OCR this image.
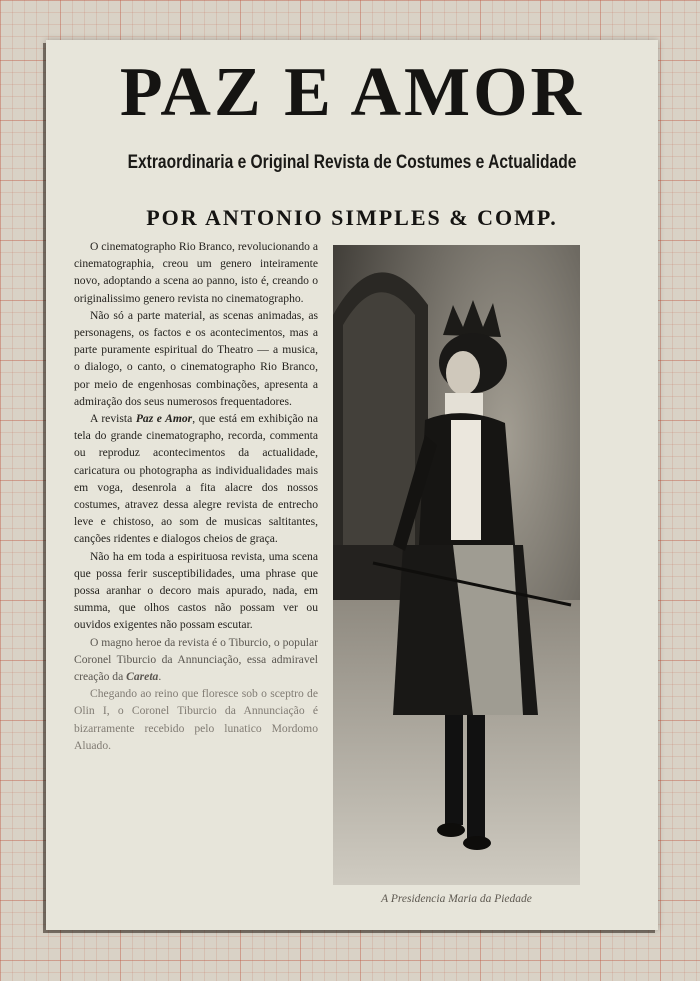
PAZ E AMOR
Extraordinaria e Original Revista de Costumes e Actualidade
POR ANTONIO SIMPLES & COMP.

O cinematographo Rio Branco, revolucionando a cinematographia, creou um genero inteiramente novo, adoptando a scena ao panno, isto é, creando o originalissimo genero revista no cinematographo.

Não só a parte material, as scenas animadas, as personagens, os factos e os acontecimentos, mas a parte puramente espiritual do Theatro — a musica, o dialogo, o canto, o cinematographo Rio Branco, por meio de engenhosas combinações, apresenta a admiração dos seus numerosos frequentadores.

A revista Paz e Amor, que está em exhibição na tela do grande cinematographo, recorda, commenta ou reproduz acontecimentos da actualidade, caricatura ou photographa as individualidades mais em voga, desenrola a fita alacre dos nossos costumes, atravez dessa alegre revista de entrecho leve e chistoso, ao som de musicas saltitantes, canções ridentes e dialogos cheios de graça.

Não ha em toda a espirituosa revista, uma scena que possa ferir susceptibilidades, uma phrase que possa aranhar o decoro mais apurado, nada, em summa, que olhos castos não possam ver ou ouvidos exigentes não possam escutar.

O magno heroe da revista é o Tiburcio, o popular Coronel Tiburcio da Annunciação, essa admiravel creação da Careta.

Chegando ao reino que floresce sob o sceptro de Olin I, o Coronel Tiburcio da Annunciação é bizarramente recebido pelo lunatico Mordomo Aluado.

A Presidencia Maria da Piedade
